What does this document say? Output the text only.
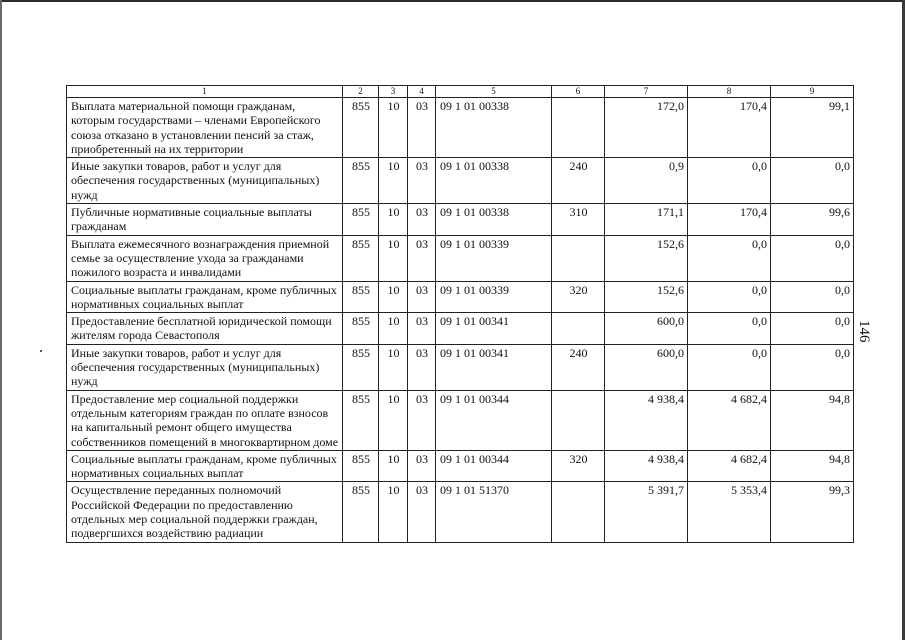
1	2	3	4	5	6	7	8	9
Выплата материальной помощи гражданам, которым государствами – членами Европейского союза отказано в установлении пенсий за стаж, приобретенный на их территории	855	10	03	09 1 01 00338		172,0	170,4	99,1
Иные закупки товаров, работ и услуг для обеспечения государственных (муниципальных) нужд	855	10	03	09 1 01 00338	240	0,9	0,0	0,0
Публичные нормативные социальные выплаты гражданам	855	10	03	09 1 01 00338	310	171,1	170,4	99,6
Выплата ежемесячного вознаграждения приемной семье за осуществление ухода за гражданами пожилого возраста и инвалидами	855	10	03	09 1 01 00339		152,6	0,0	0,0
Социальные выплаты гражданам, кроме публичных нормативных социальных выплат	855	10	03	09 1 01 00339	320	152,6	0,0	0,0
Предоставление бесплатной юридической помощи жителям города Севастополя	855	10	03	09 1 01 00341		600,0	0,0	0,0
Иные закупки товаров, работ и услуг для обеспечения государственных (муниципальных) нужд	855	10	03	09 1 01 00341	240	600,0	0,0	0,0
Предоставление мер социальной поддержки отдельным категориям граждан по оплате взносов на капитальный ремонт общего имущества собственников помещений в многоквартирном доме	855	10	03	09 1 01 00344		4 938,4	4 682,4	94,8
Социальные выплаты гражданам, кроме публичных нормативных социальных выплат	855	10	03	09 1 01 00344	320	4 938,4	4 682,4	94,8
Осуществление переданных полномочий Российской Федерации по предоставлению отдельных мер социальной поддержки граждан, подвергшихся воздействию радиации	855	10	03	09 1 01 51370		5 391,7	5 353,4	99,3
146
